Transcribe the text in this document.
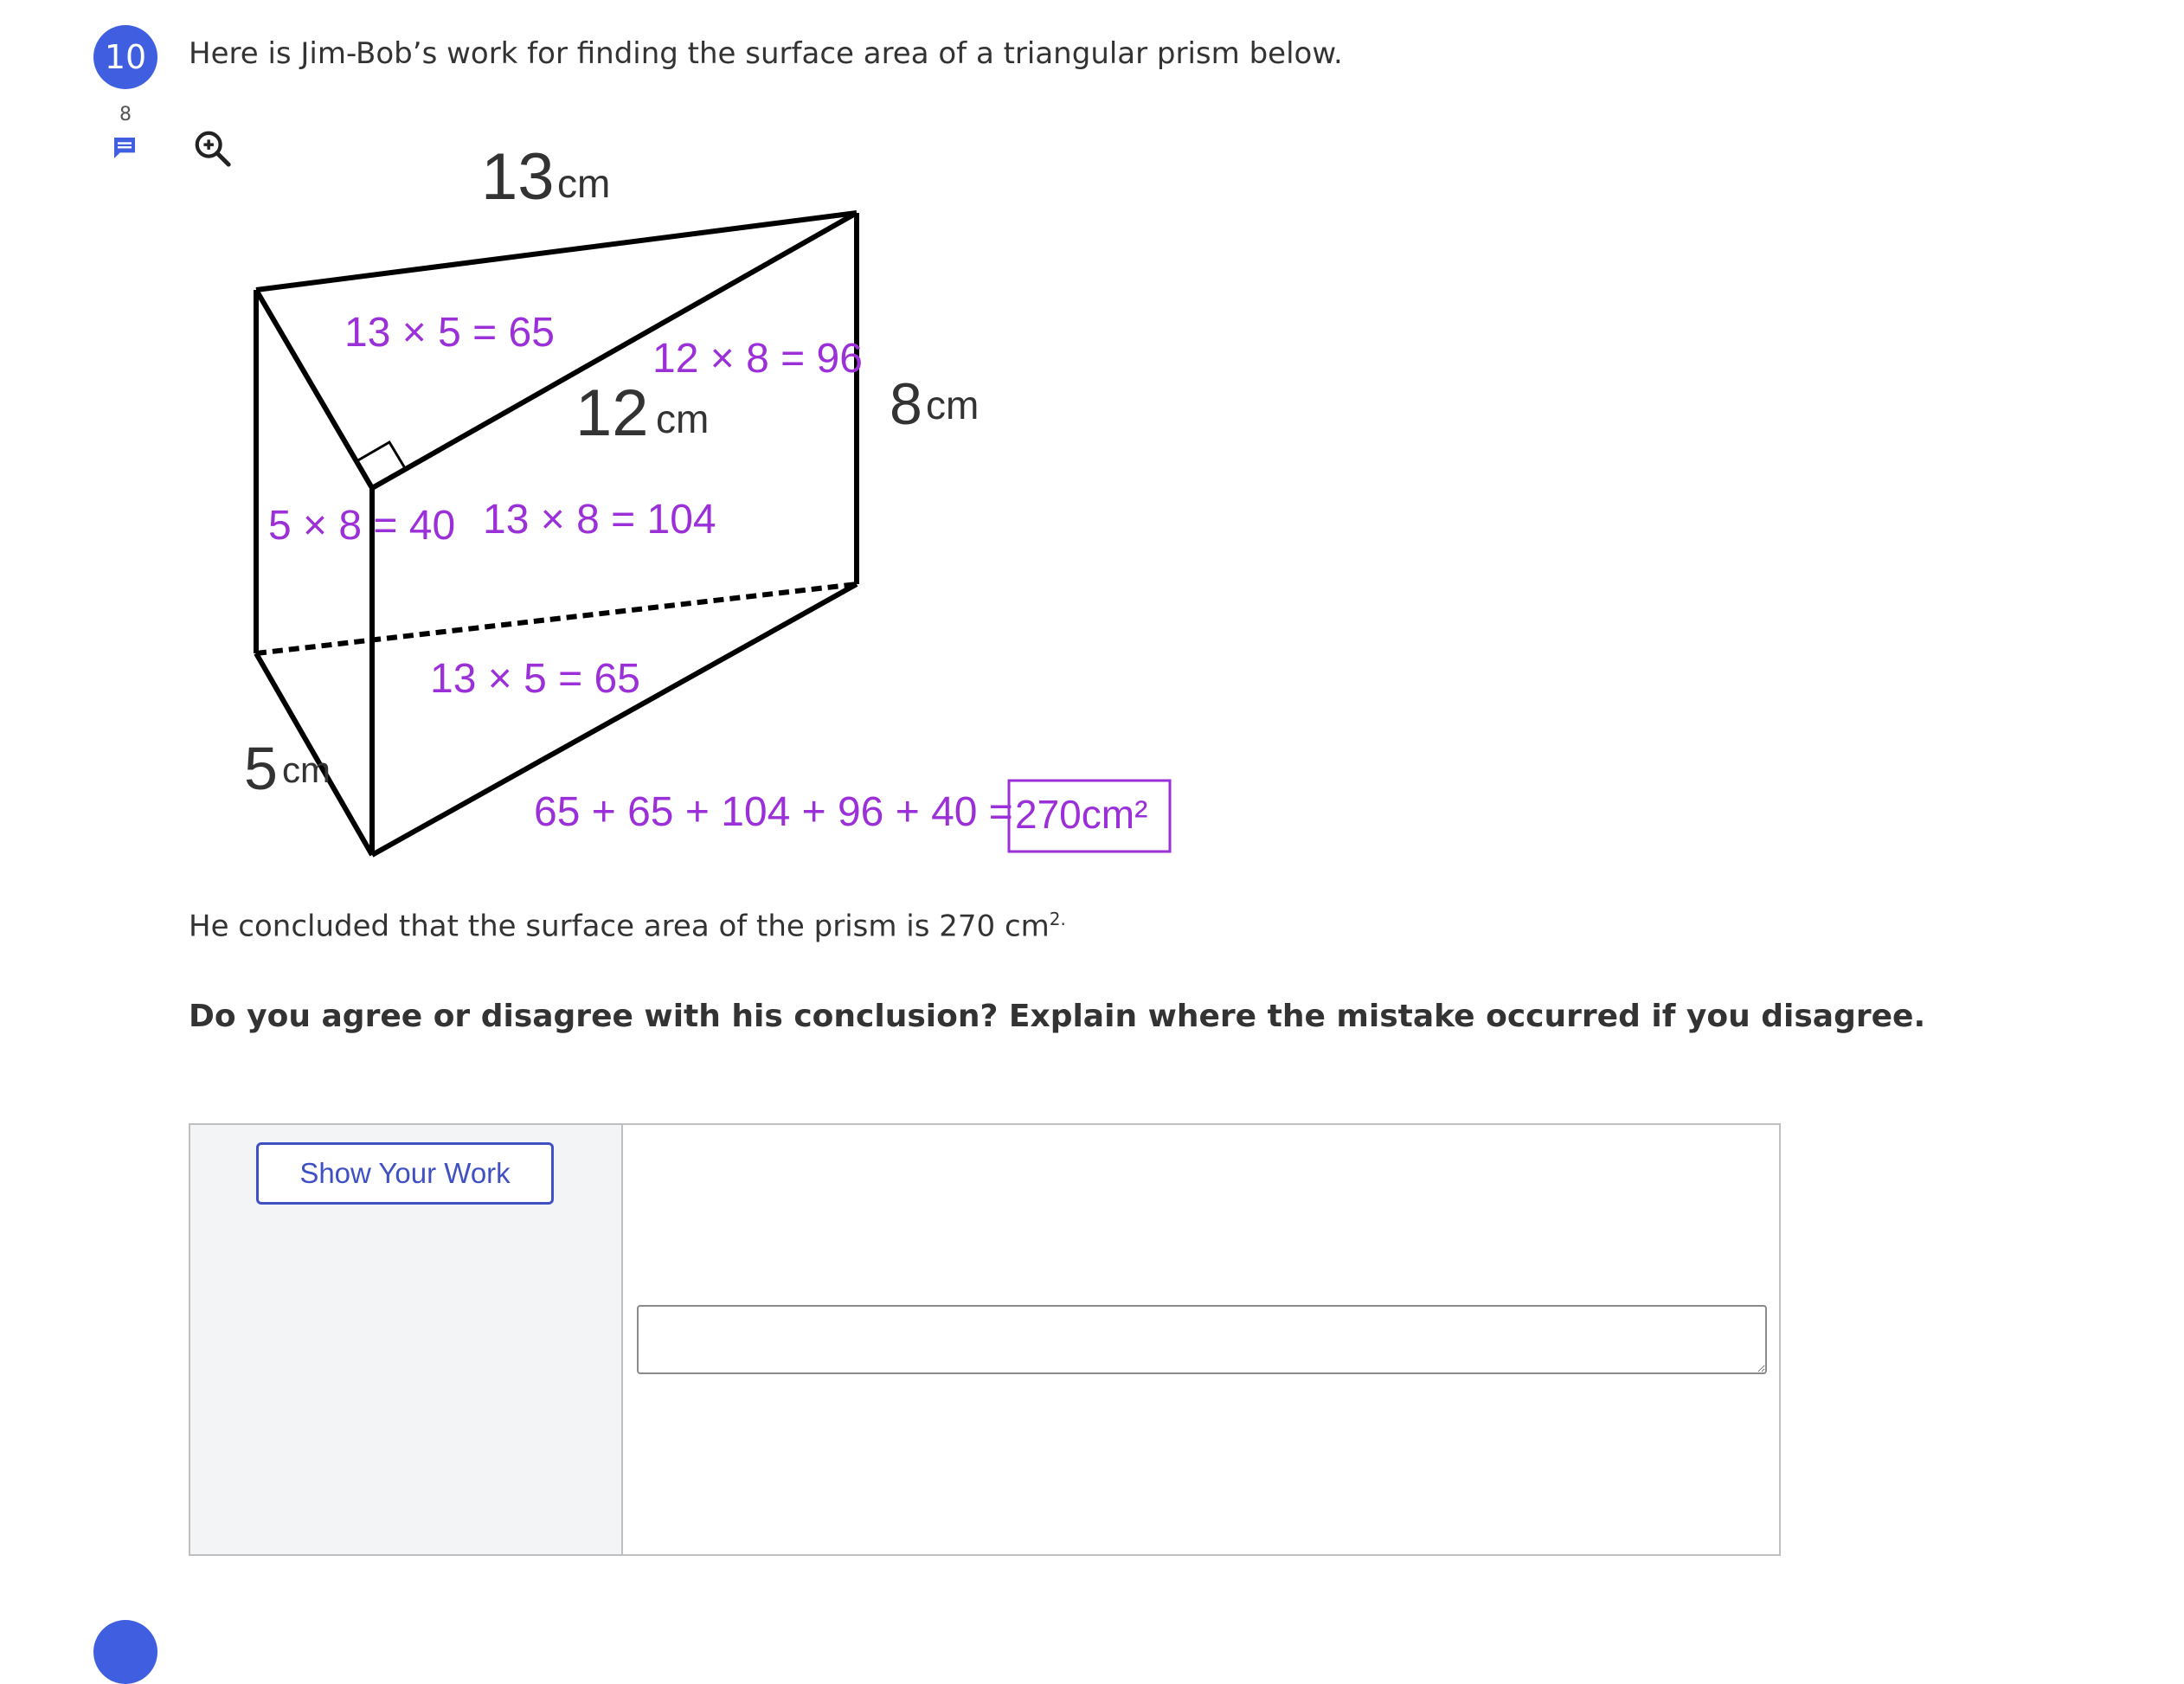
10
8
Here is Jim-Bob’s work for finding the surface area of a triangular prism below.
13 cm
12 cm	8 cm
5 cm
13 × 5 = 65
12 × 8 = 96
5 × 8 = 40 13 × 8 = 104
13 × 5 = 65
65 + 65 + 104 + 96 + 40 = 270cm²
He concluded that the surface area of the prism is 270 $cm^{2.}$
Do you agree or disagree with his conclusion? Explain where the mistake occurred if you disagree.
Show Your Work
